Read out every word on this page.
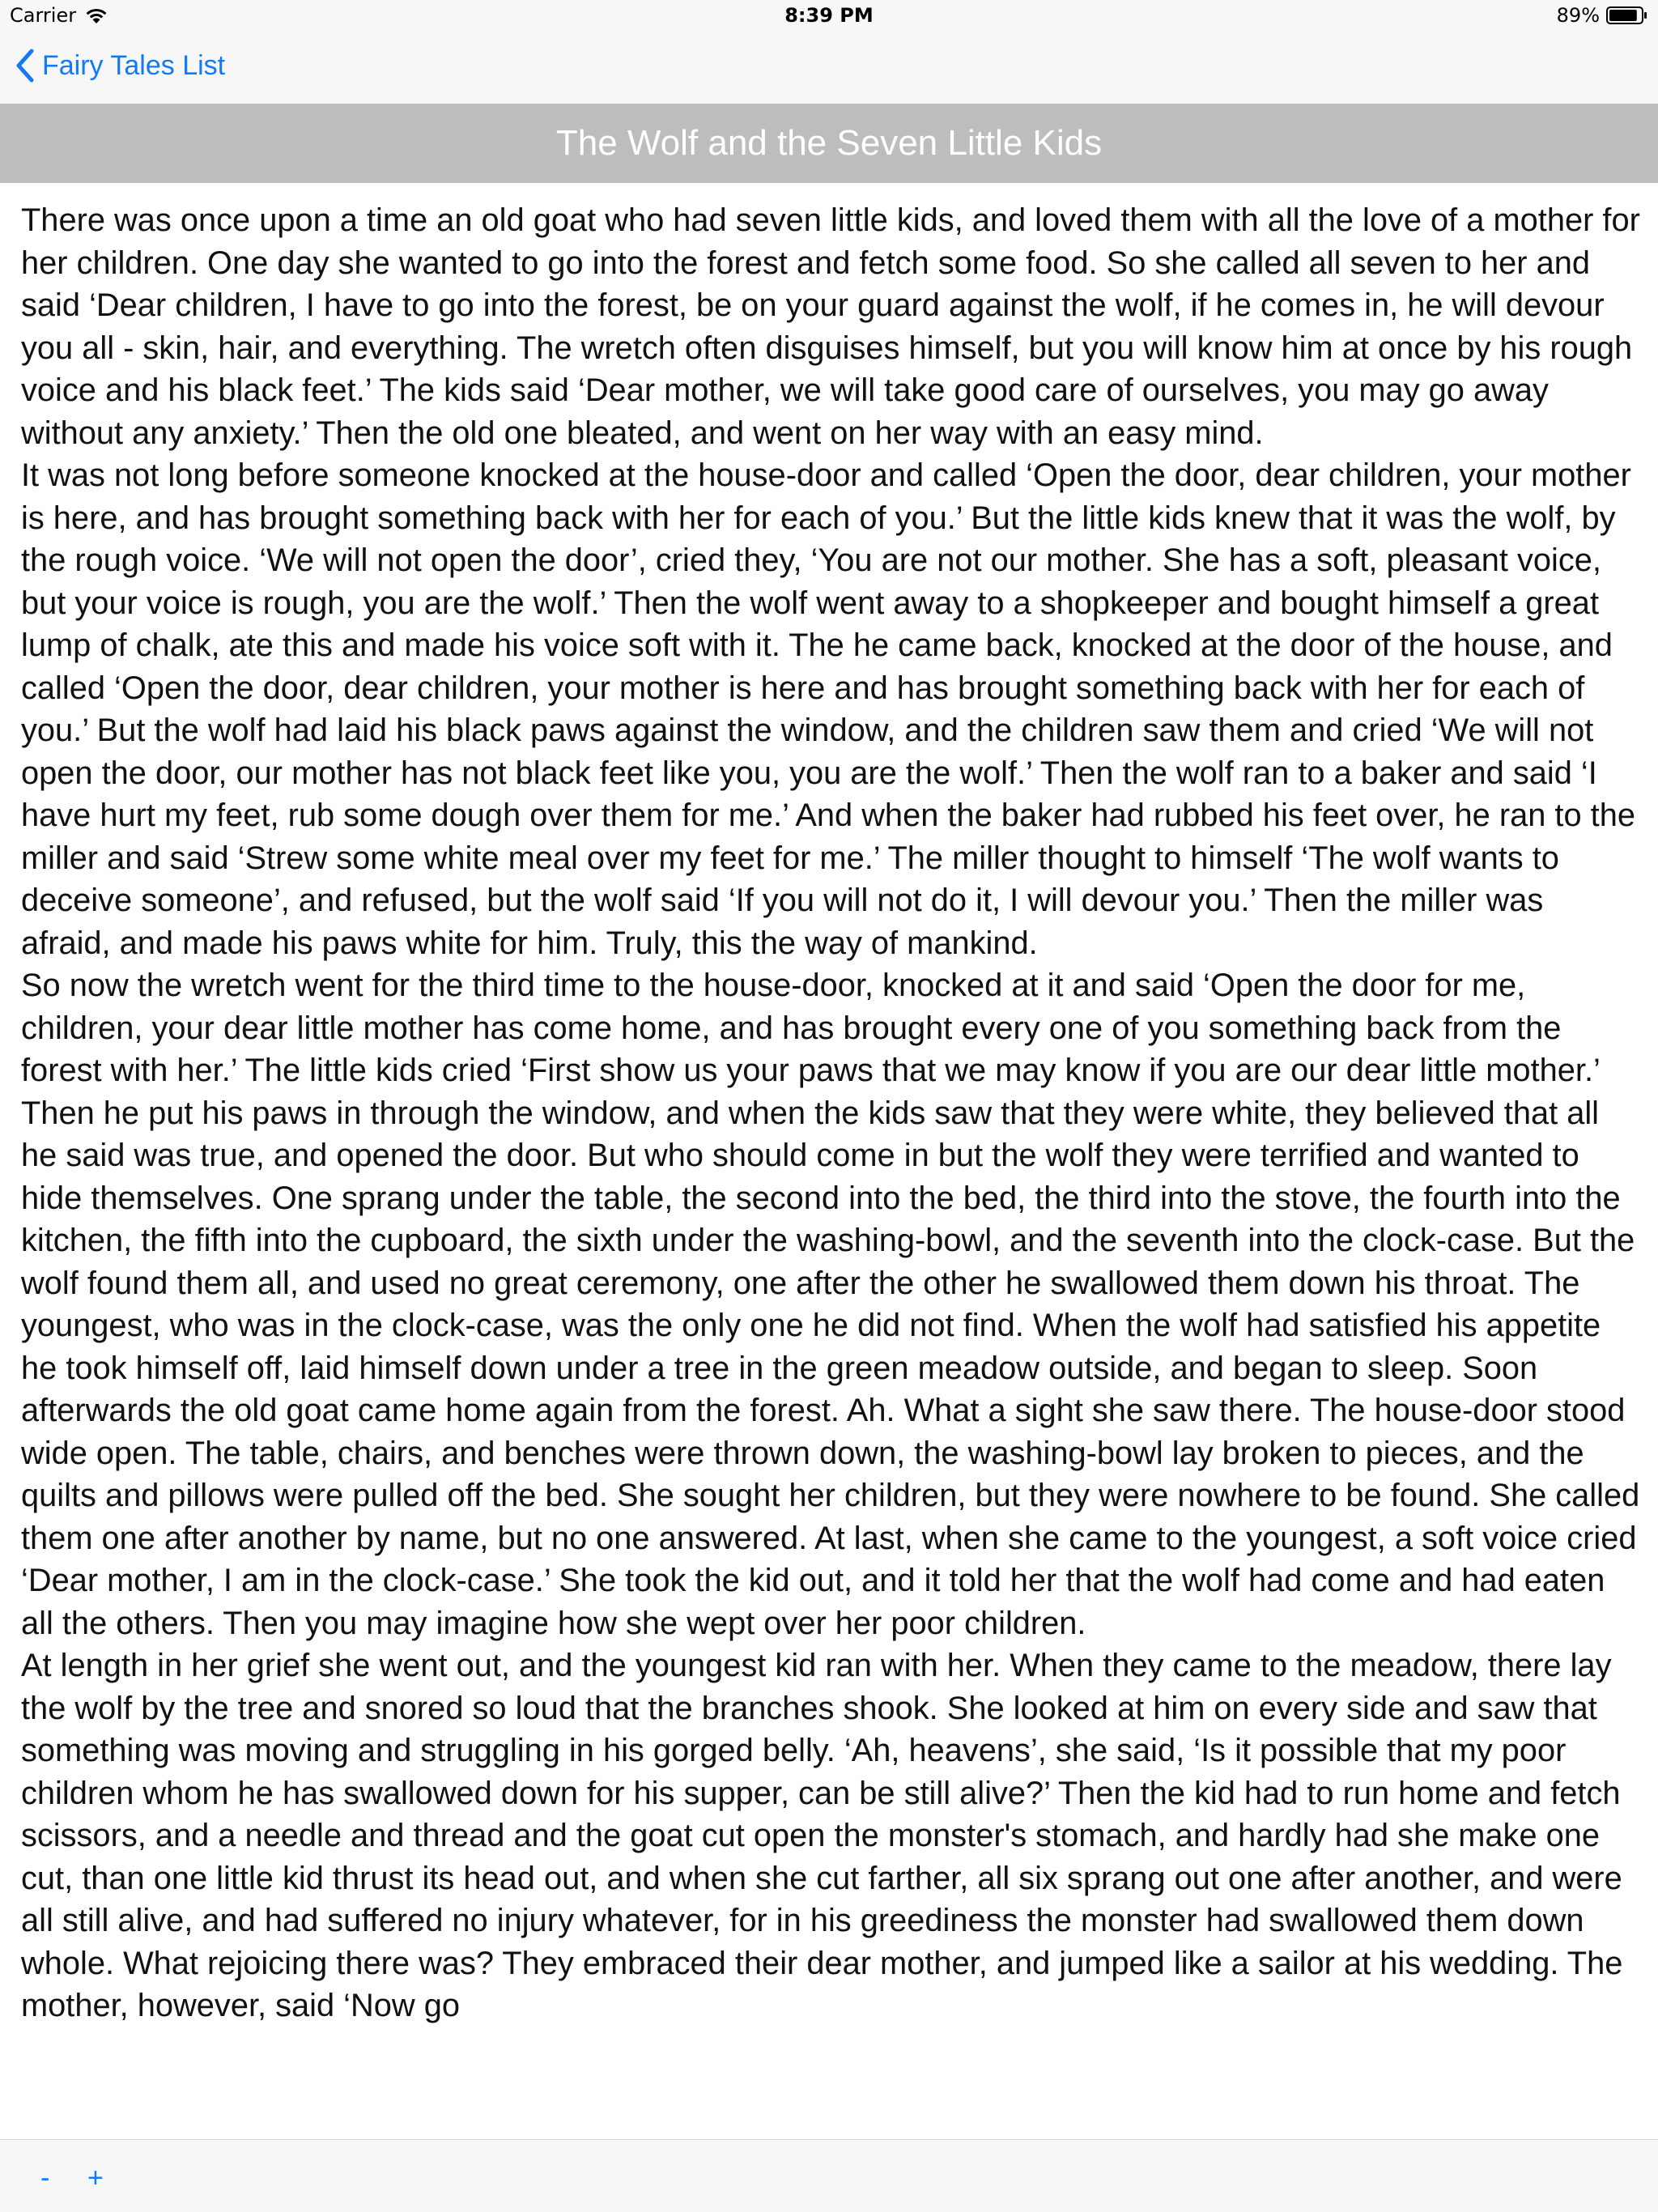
Carrier	8:39 PM	89%
Fairy Tales List
The Wolf and the Seven Little Kids

There was once upon a time an old goat who had seven little kids, and loved them with all the love of a mother for her children. One day she wanted to go into the forest and fetch some food. So she called all seven to her and said ‘Dear children, I have to go into the forest, be on your guard against the wolf, if he comes in, he will devour you all - skin, hair, and everything. The wretch often disguises himself, but you will know him at once by his rough voice and his black feet.’ The kids said ‘Dear mother, we will take good care of ourselves, you may go away without any anxiety.’ Then the old one bleated, and went on her way with an easy mind.

It was not long before someone knocked at the house-door and called ‘Open the door, dear children, your mother is here, and has brought something back with her for each of you.’ But the little kids knew that it was the wolf, by the rough voice. ‘We will not open the door’, cried they, ‘You are not our mother. She has a soft, pleasant voice, but your voice is rough, you are the wolf.’ Then the wolf went away to a shopkeeper and bought himself a great lump of chalk, ate this and made his voice soft with it. The he came back, knocked at the door of the house, and called ‘Open the door, dear children, your mother is here and has brought something back with her for each of you.’ But the wolf had laid his black paws against the window, and the children saw them and cried ‘We will not open the door, our mother has not black feet like you, you are the wolf.’ Then the wolf ran to a baker and said ‘I have hurt my feet, rub some dough over them for me.’ And when the baker had rubbed his feet over, he ran to the miller and said ‘Strew some white meal over my feet for me.’ The miller thought to himself ‘The wolf wants to deceive someone’, and refused, but the wolf said ‘If you will not do it, I will devour you.’ Then the miller was afraid, and made his paws white for him. Truly, this the way of mankind.

So now the wretch went for the third time to the house-door, knocked at it and said ‘Open the door for me, children, your dear little mother has come home, and has brought every one of you something back from the forest with her.’ The little kids cried ‘First show us your paws that we may know if you are our dear little mother.’ Then he put his paws in through the window, and when the kids saw that they were white, they believed that all he said was true, and opened the door. But who should come in but the wolf they were terrified and wanted to hide themselves. One sprang under the table, the second into the bed, the third into the stove, the fourth into the kitchen, the fifth into the cupboard, the sixth under the washing-bowl, and the seventh into the clock-case. But the wolf found them all, and used no great ceremony, one after the other he swallowed them down his throat. The youngest, who was in the clock-case, was the only one he did not find. When the wolf had satisfied his appetite he took himself off, laid himself down under a tree in the green meadow outside, and began to sleep. Soon afterwards the old goat came home again from the forest. Ah. What a sight she saw there. The house-door stood wide open. The table, chairs, and benches were thrown down, the washing-bowl lay broken to pieces, and the quilts and pillows were pulled off the bed. She sought her children, but they were nowhere to be found. She called them one after another by name, but no one answered. At last, when she came to the youngest, a soft voice cried ‘Dear mother, I am in the clock-case.’ She took the kid out, and it told her that the wolf had come and had eaten all the others. Then you may imagine how she wept over her poor children.

At length in her grief she went out, and the youngest kid ran with her. When they came to the meadow, there lay the wolf by the tree and snored so loud that the branches shook. She looked at him on every side and saw that something was moving and struggling in his gorged belly. ‘Ah, heavens’, she said, ‘Is it possible that my poor children whom he has swallowed down for his supper, can be still alive?’ Then the kid had to run home and fetch scissors, and a needle and thread and the goat cut open the monster's stomach, and hardly had she make one cut, than one little kid thrust its head out, and when she cut farther, all six sprang out one after another, and were all still alive, and had suffered no injury whatever, for in his greediness the monster had swallowed them down whole. What rejoicing there was? They embraced their dear mother, and jumped like a sailor at his wedding. The mother, however, said ‘Now go

- +
